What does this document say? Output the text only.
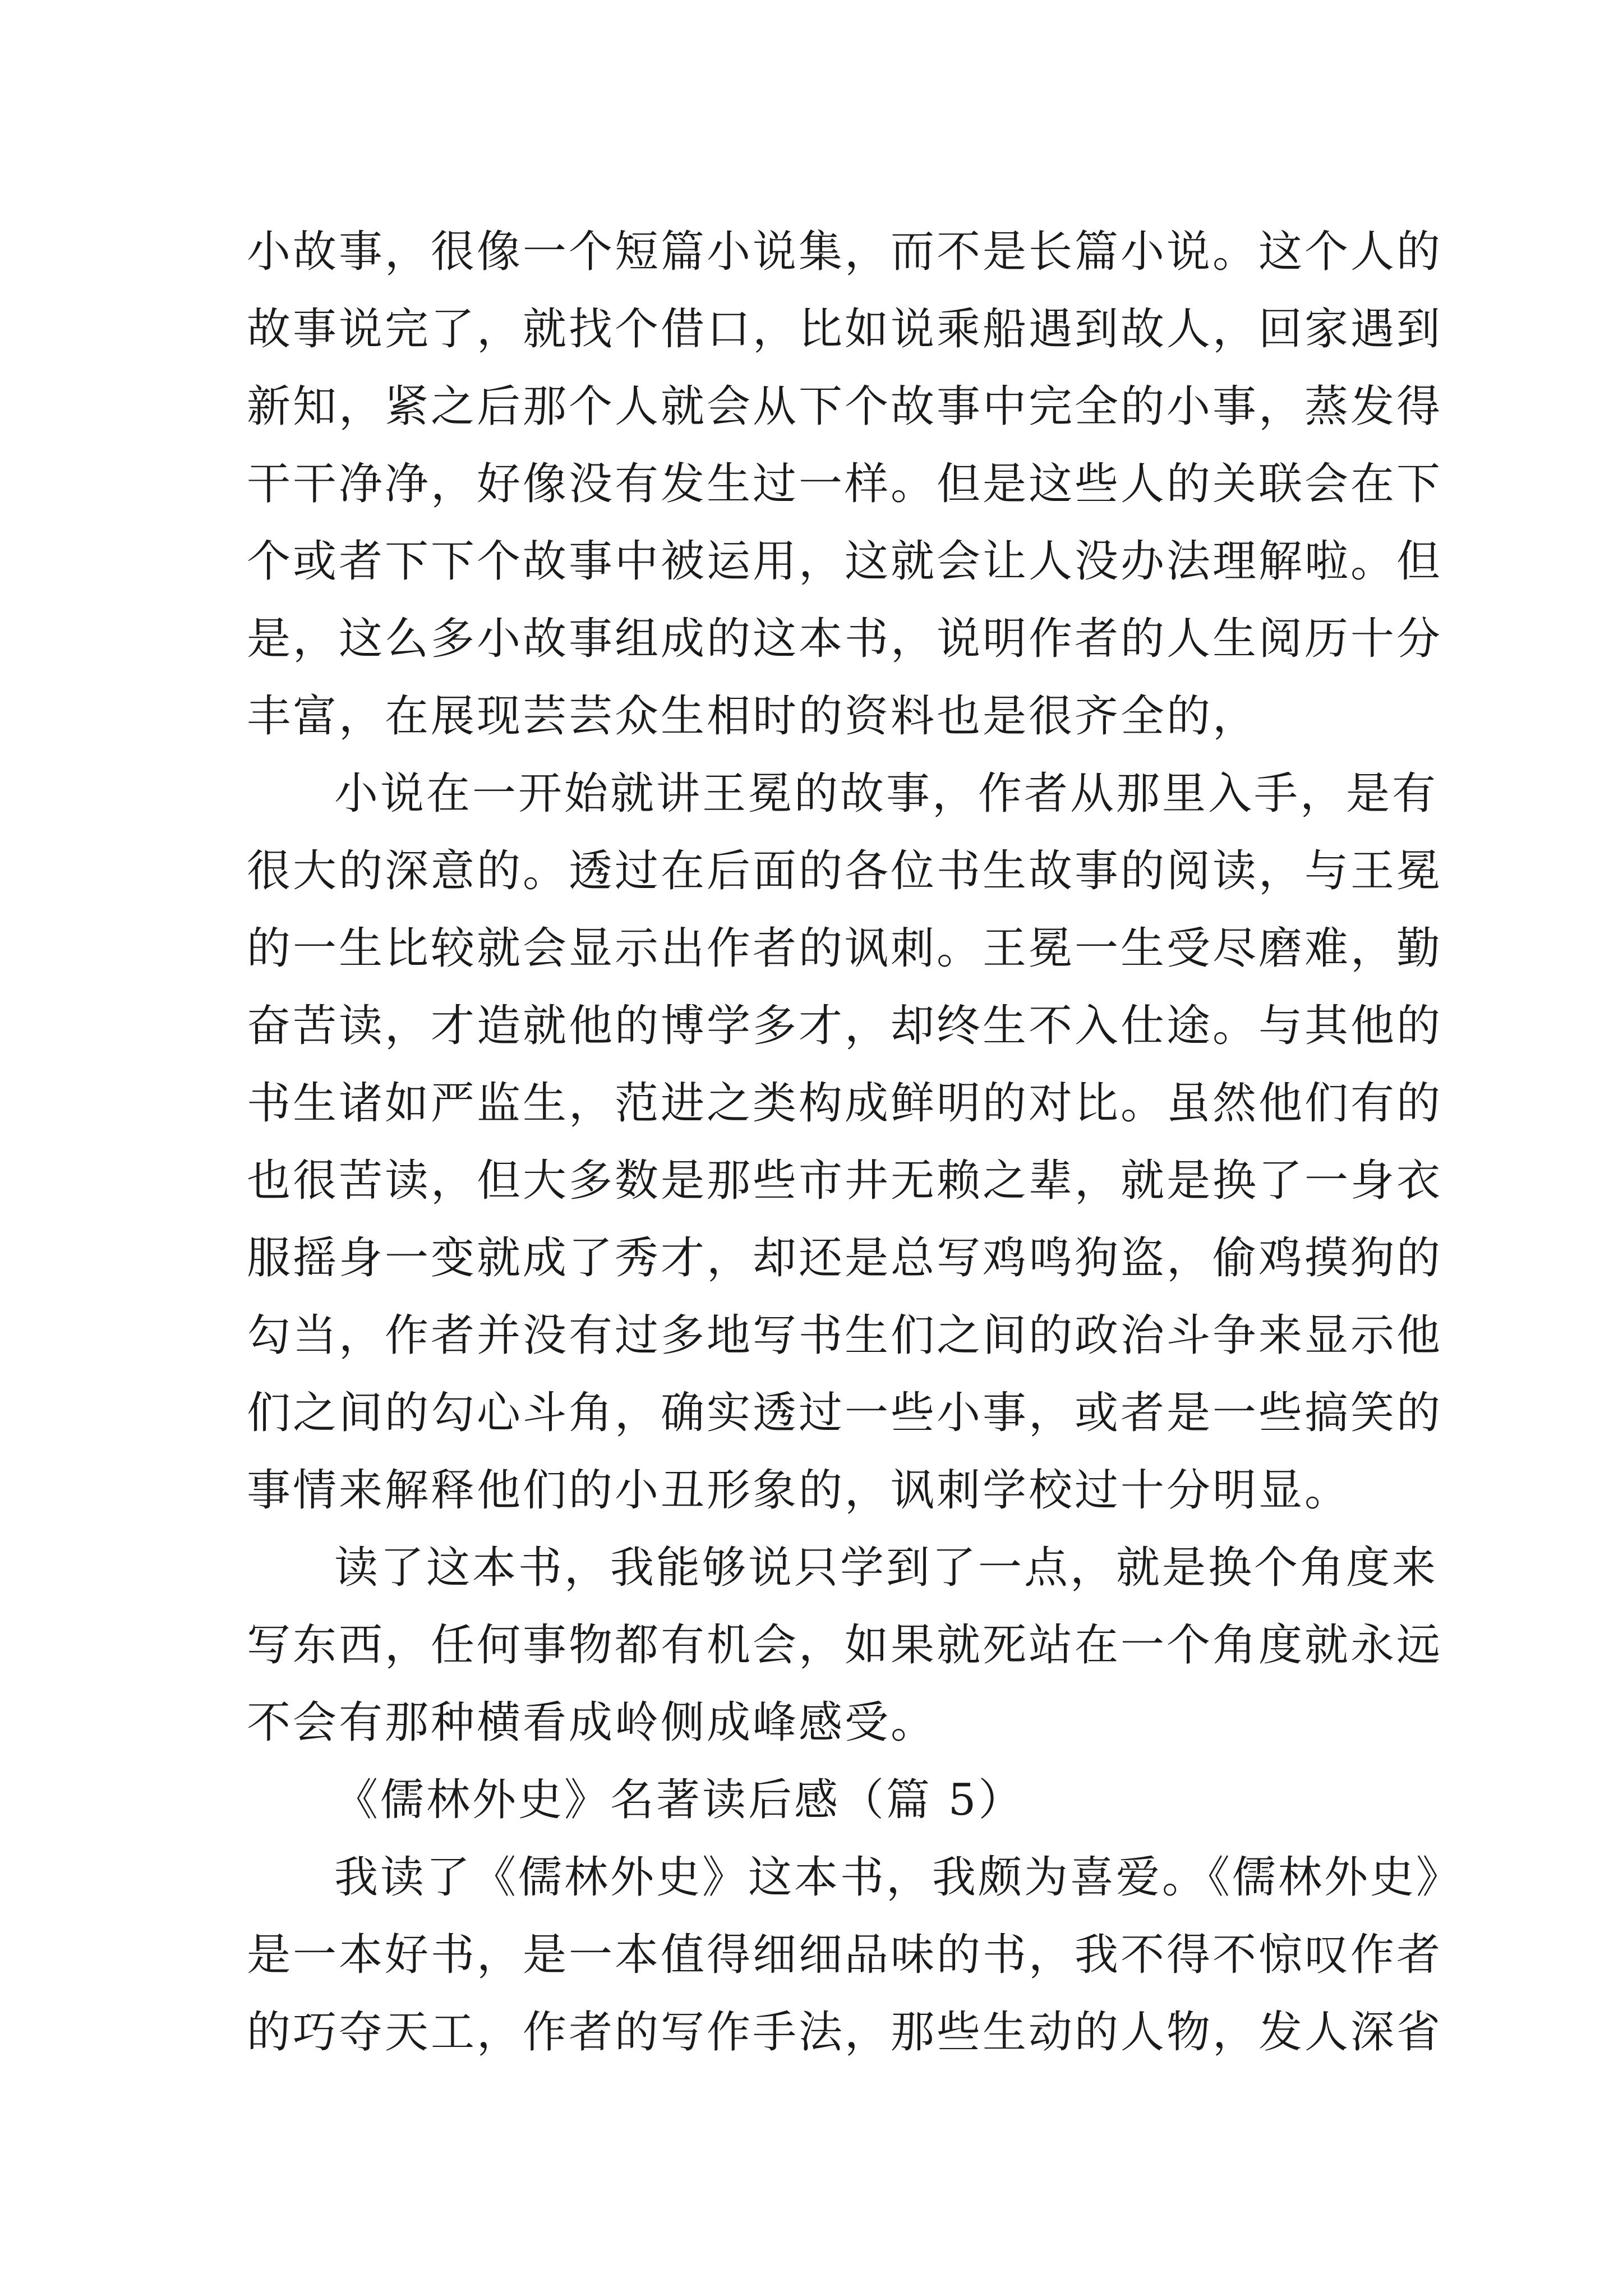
小故事，很像一个短篇小说集，而不是长篇小说。这个人的
故事说完了，就找个借口，比如说乘船遇到故人，回家遇到
新知，紧之后那个人就会从下个故事中完全的小事，蒸发得
干干净净，好像没有发生过一样。但是这些人的关联会在下
个或者下下个故事中被运用，这就会让人没办法理解啦。但
是，这么多小故事组成的这本书，说明作者的人生阅历十分
丰富，在展现芸芸众生相时的资料也是很齐全的，
小说在一开始就讲王冕的故事，作者从那里入手，是有
很大的深意的。透过在后面的各位书生故事的阅读，与王冕
的一生比较就会显示出作者的讽刺。王冕一生受尽磨难，勤
奋苦读，才造就他的博学多才，却终生不入仕途。与其他的
书生诸如严监生，范进之类构成鲜明的对比。虽然他们有的
也很苦读，但大多数是那些市井无赖之辈，就是换了一身衣
服摇身一变就成了秀才，却还是总写鸡鸣狗盗，偷鸡摸狗的
勾当，作者并没有过多地写书生们之间的政治斗争来显示他
们之间的勾心斗角，确实透过一些小事，或者是一些搞笑的
事情来解释他们的小丑形象的，讽刺学校过十分明显。
读了这本书，我能够说只学到了一点，就是换个角度来
写东西，任何事物都有机会，如果就死站在一个角度就永远
不会有那种横看成岭侧成峰感受。
《儒林外史》名著读后感（篇 5）
我读了《儒林外史》这本书，我颇为喜爱。《儒林外史》
是一本好书，是一本值得细细品味的书，我不得不惊叹作者
的巧夺天工，作者的写作手法，那些生动的人物，发人深省
